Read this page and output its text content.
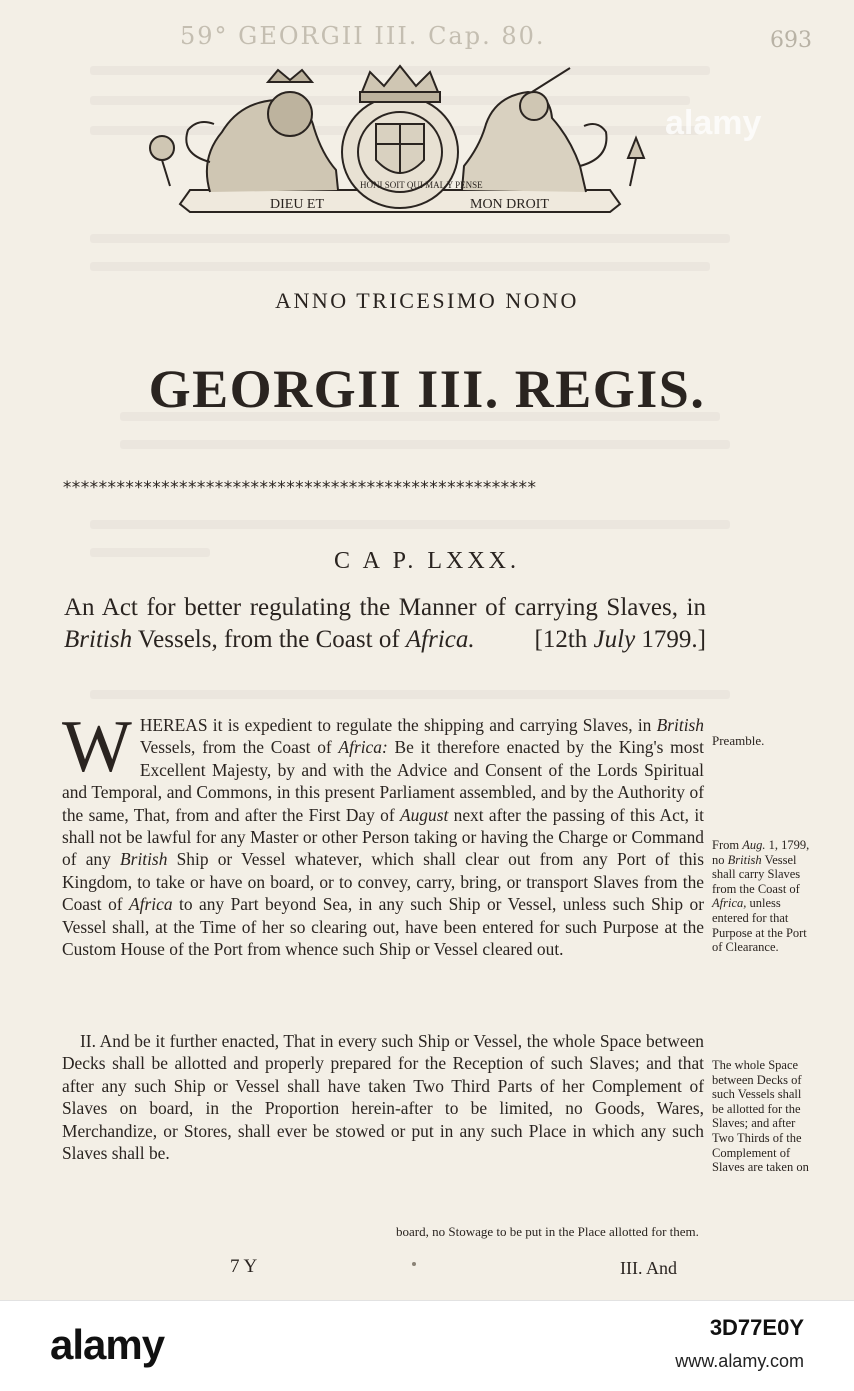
59° GEORGII III. Cap. 80.	693
DIEU ET	MON DROIT
HONI SOIT QUI MAL Y PENSE
ANNO TRICESIMO NONO
GEORGII III. REGIS.
*****************************************************
C A P. LXXX.
An Act for better regulating the Manner of carrying Slaves, in British Vessels, from the Coast of Africa. [12th July 1799.]
WHEREAS it is expedient to regulate the shipping and carrying Slaves, in British Vessels, from the Coast of Africa: Be it therefore enacted by the King's most Excellent Majesty, by and with the Advice and Consent of the Lords Spiritual and Temporal, and Commons, in this present Parliament assembled, and by the Authority of the same, That, from and after the First Day of August next after the passing of this Act, it shall not be lawful for any Master or other Person taking or having the Charge or Command of any British Ship or Vessel whatever, which shall clear out from any Port of this Kingdom, to take or have on board, or to convey, carry, bring, or transport Slaves from the Coast of Africa to any Part beyond Sea, in any such Ship or Vessel, unless such Ship or Vessel shall, at the Time of her so clearing out, have been entered for such Purpose at the Custom House of the Port from whence such Ship or Vessel cleared out.
II. And be it further enacted, That in every such Ship or Vessel, the whole Space between Decks shall be allotted and properly prepared for the Reception of such Slaves; and that after any such Ship or Vessel shall have taken Two Third Parts of her Complement of Slaves on board, in the Proportion herein-after to be limited, no Goods, Wares, Merchandize, or Stores, shall ever be stowed or put in any such Place in which any such Slaves shall be.
Preamble.
From Aug. 1, 1799, no British Vessel shall carry Slaves from the Coast of Africa, unless entered for that Purpose at the Port of Clearance.
The whole Space between Decks of such Vessels shall be allotted for the Slaves; and after Two Thirds of the Complement of Slaves are taken on
board, no Stowage to be put in the Place allotted for them.
7 Y	III. And
alamy
alamy	3D77E0Y
www.alamy.com
